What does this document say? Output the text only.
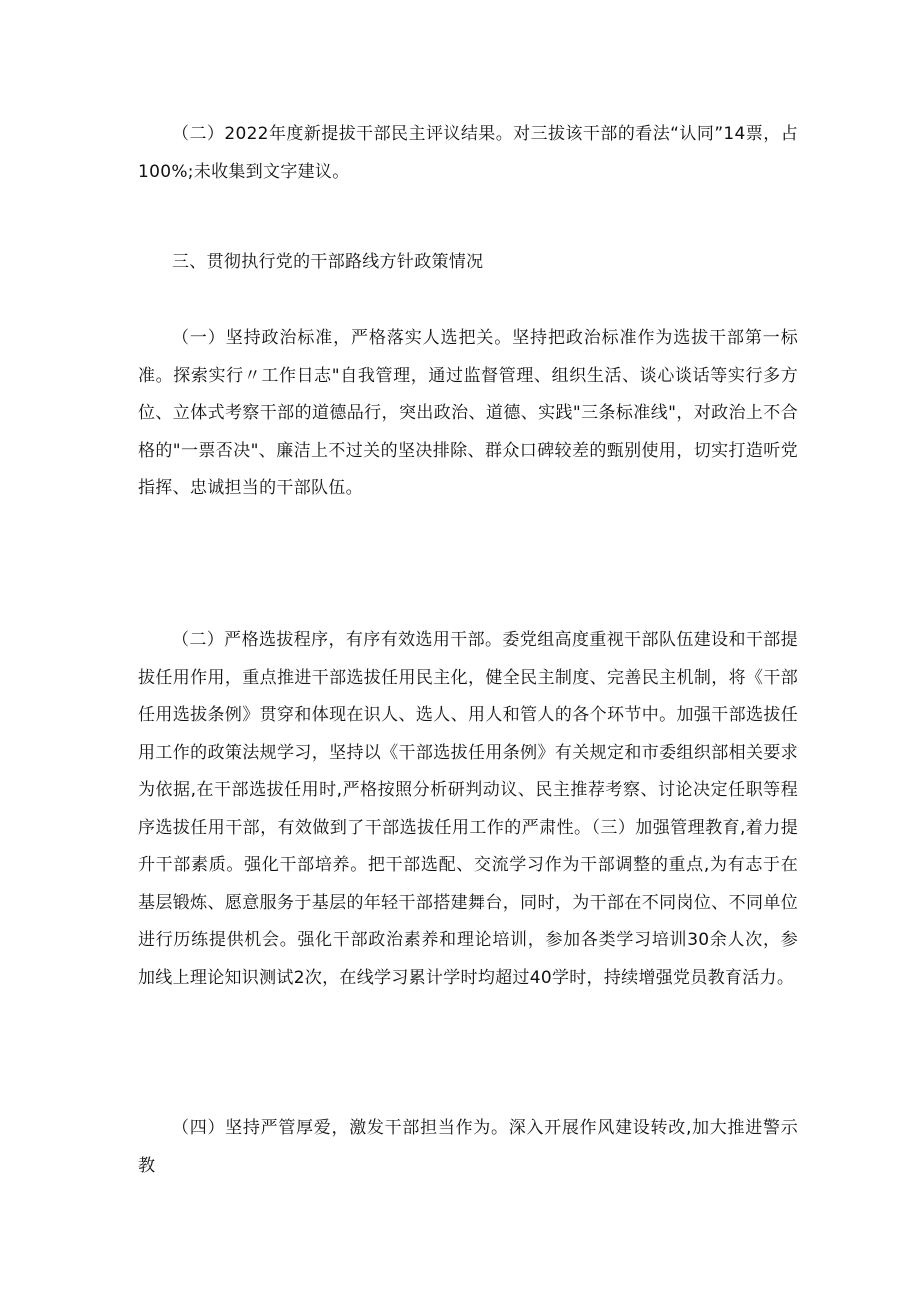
（二）2022年度新提拔干部民主评议结果。对三拔该干部的看法“认同”14票，占100%;未收集到文字建议。

三、贯彻执行党的干部路线方针政策情况

（一）坚持政治标准，严格落实人选把关。坚持把政治标准作为选拔干部第一标准。探索实行〃工作日志"自我管理，通过监督管理、组织生活、谈心谈话等实行多方位、立体式考察干部的道德品行，突出政治、道德、实践"三条标准线"，对政治上不合格的"一票否决"、廉洁上不过关的坚决排除、群众口碑较差的甄别使用，切实打造听党指挥、忠诚担当的干部队伍。

（二）严格选拔程序，有序有效选用干部。委党组高度重视干部队伍建设和干部提拔任用作用，重点推进干部选拔任用民主化，健全民主制度、完善民主机制，将《干部任用选拔条例》贯穿和体现在识人、选人、用人和管人的各个环节中。加强干部选拔任用工作的政策法规学习，坚持以《干部选拔任用条例》有关规定和市委组织部相关要求为依据,在干部选拔任用时,严格按照分析研判动议、民主推荐考察、讨论决定任职等程序选拔任用干部，有效做到了干部选拔任用工作的严肃性。（三）加强管理教育,着力提升干部素质。强化干部培养。把干部选配、交流学习作为干部调整的重点,为有志于在基层锻炼、愿意服务于基层的年轻干部搭建舞台，同时，为干部在不同岗位、不同单位进行历练提供机会。强化干部政治素养和理论培训，参加各类学习培训30余人次，参加线上理论知识测试2次，在线学习累计学时均超过40学时，持续增强党员教育活力。

（四）坚持严管厚爱，激发干部担当作为。深入开展作风建设转改,加大推进警示教
